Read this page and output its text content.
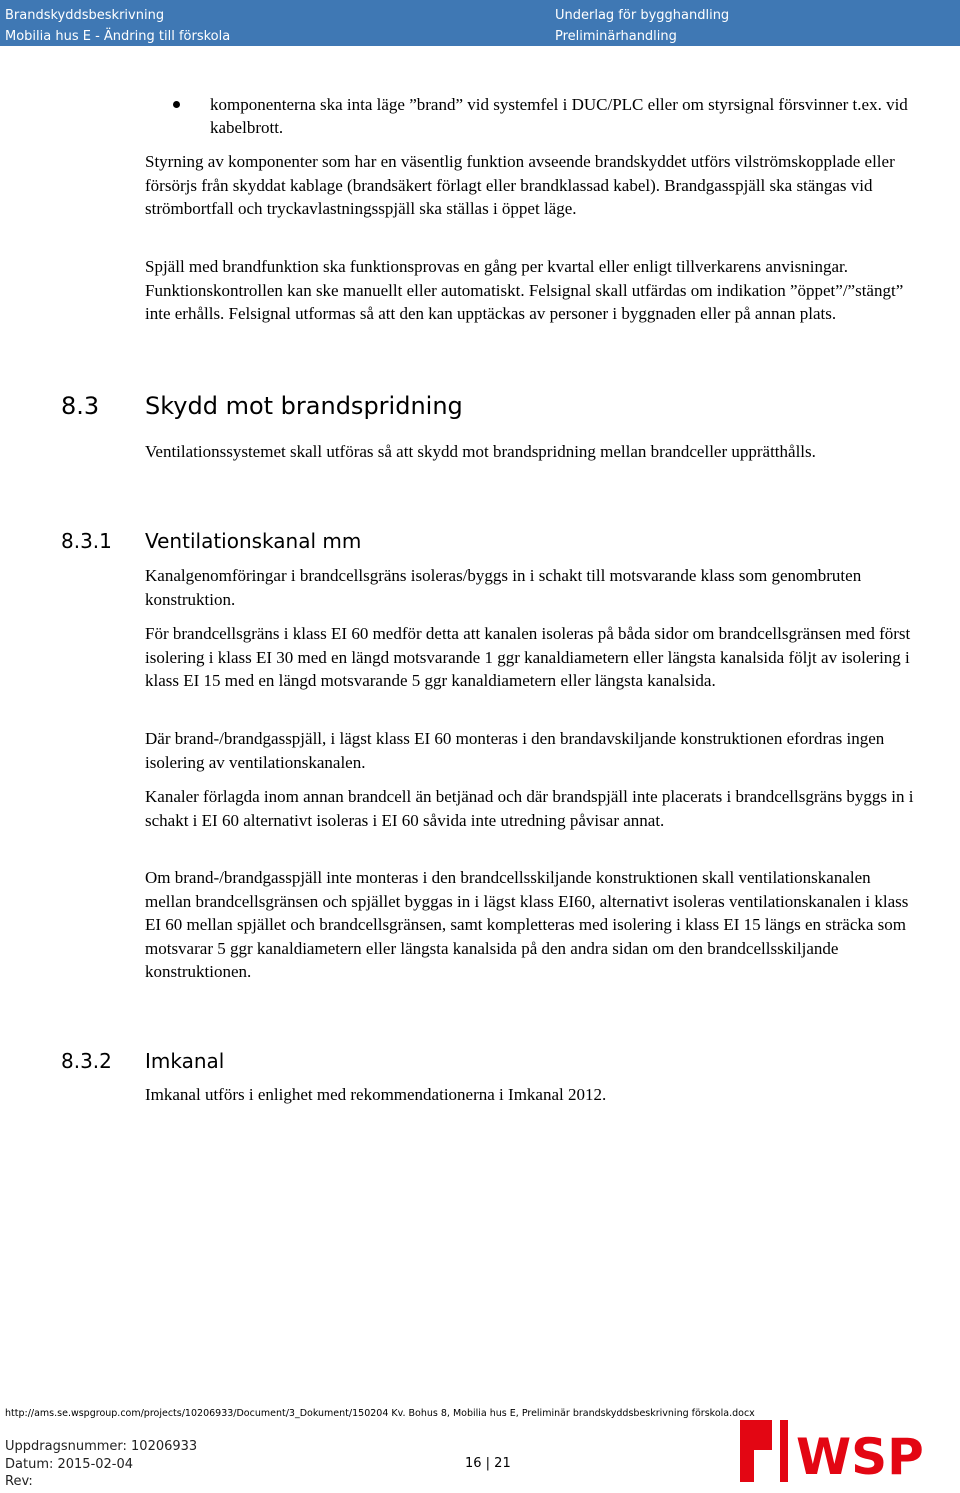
Brandskyddsbeskrivning
Mobilia hus E - Ändring till förskola
Underlag för bygghandling
Preliminärhandling
komponenterna ska inta läge ”brand” vid systemfel i DUC/PLC eller om styrsignal försvinner t.ex. vid kabelbrott.

Styrning av komponenter som har en väsentlig funktion avseende brandskyddet utförs vilströmskopplade eller försörjs från skyddat kablage (brandsäkert förlagt eller brandklassad kabel). Brandgasspjäll ska stängas vid strömbortfall och tryckavlastningsspjäll ska ställas i öppet läge.

Spjäll med brandfunktion ska funktionsprovas en gång per kvartal eller enligt tillverkarens anvisningar. Funktionskontrollen kan ske manuellt eller automatiskt. Felsignal skall utfärdas om indikation ”öppet”/”stängt” inte erhålls. Felsignal utformas så att den kan upptäckas av personer i byggnaden eller på annan plats.

8.3 Skydd mot brandspridning

Ventilationssystemet skall utföras så att skydd mot brandspridning mellan brandceller upprätthålls.

8.3.1 Ventilationskanal mm

Kanalgenomföringar i brandcellsgräns isoleras/byggs in i schakt till motsvarande klass som genombruten konstruktion.

För brandcellsgräns i klass EI 60 medför detta att kanalen isoleras på båda sidor om brandcellsgränsen med först isolering i klass EI 30 med en längd motsvarande 1 ggr kanaldiametern eller längsta kanalsida följt av isolering i klass EI 15 med en längd motsvarande 5 ggr kanaldiametern eller längsta kanalsida.

Där brand-/brandgasspjäll, i lägst klass EI 60 monteras i den brandavskiljande konstruktionen efordras ingen isolering av ventilationskanalen.

Kanaler förlagda inom annan brandcell än betjänad och där brandspjäll inte placerats i brandcellsgräns byggs in i schakt i EI 60 alternativt isoleras i EI 60 såvida inte utredning påvisar annat.

Om brand-/brandgasspjäll inte monteras i den brandcellsskiljande konstruktionen skall ventilationskanalen mellan brandcellsgränsen och spjället byggas in i lägst klass EI60, alternativt isoleras ventilationskanalen i klass EI 60 mellan spjället och brandcellsgränsen, samt kompletteras med isolering i klass EI 15 längs en sträcka som motsvarar 5 ggr kanaldiametern eller längsta kanalsida på den andra sidan om den brandcellsskiljande konstruktionen.

8.3.2 Imkanal

Imkanal utförs i enlighet med rekommendationerna i Imkanal 2012.

http://ams.se.wspgroup.com/projects/10206933/Document/3_Dokument/150204 Kv. Bohus 8, Mobilia hus E, Preliminär brandskyddsbeskrivning förskola.docx
Uppdragsnummer: 10206933
Datum: 2015-02-04
Rev:
16 | 21	WSP
